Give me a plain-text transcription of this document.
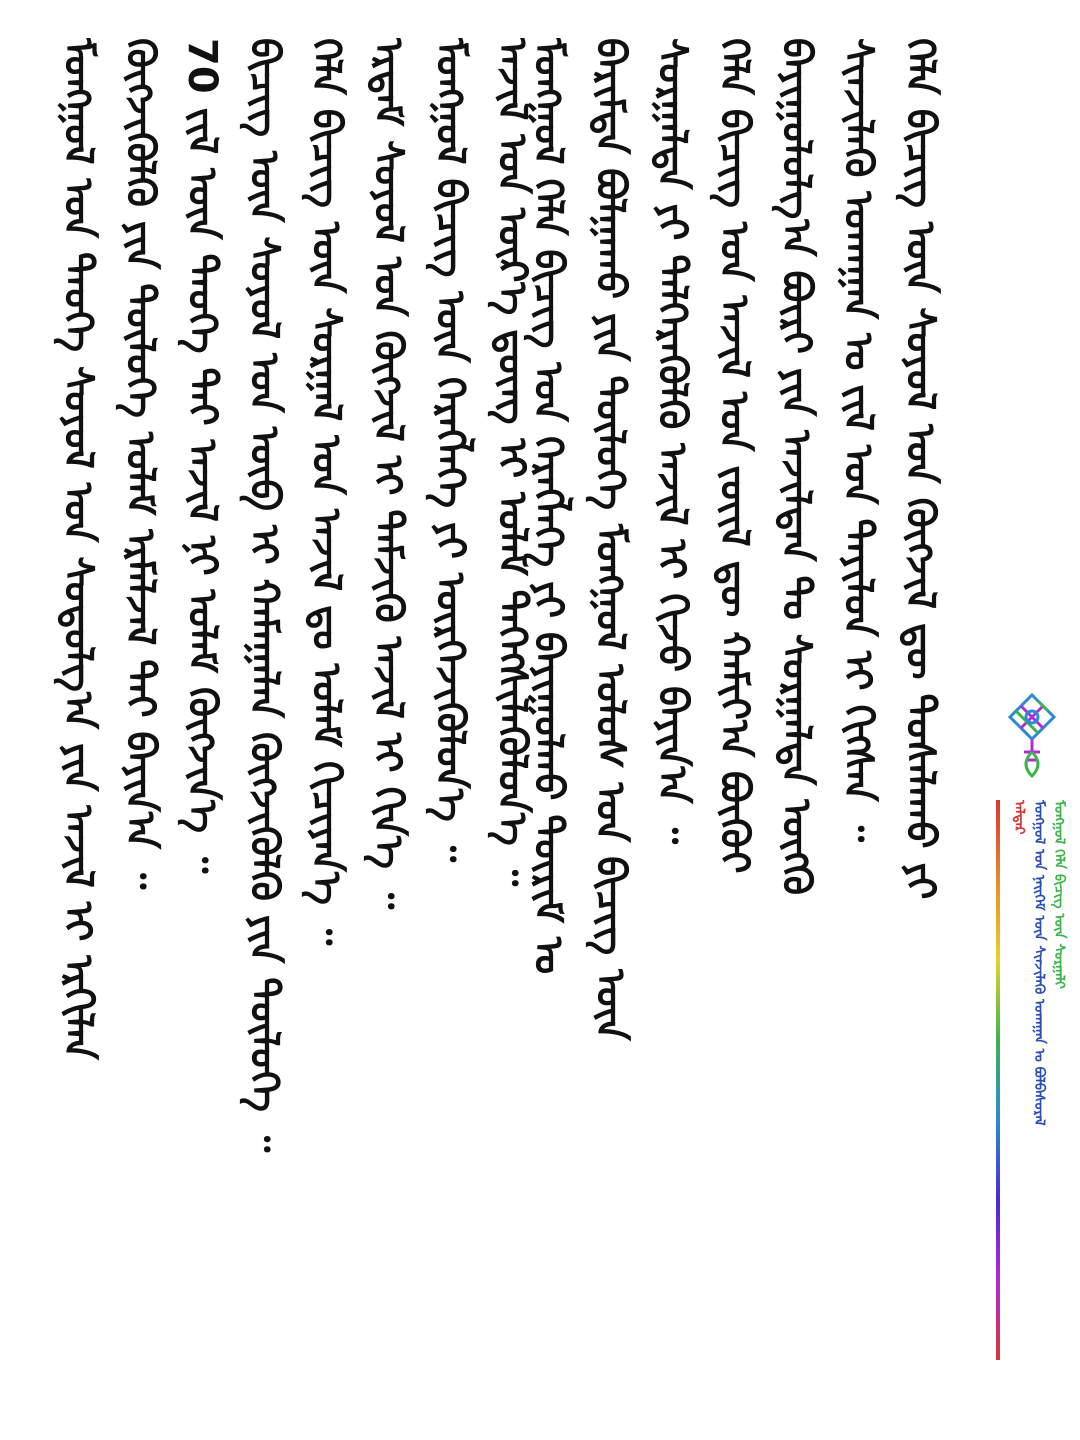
ᠮᠣᠩᠭᠣᠯ ᠤᠨ ᠲᠡᠦᠬᠡ ᠰᠣᠶᠣᠯ ᠤᠨ ᠰᠤᠳᠤᠯᠭ᠎ᠠ ᠶᠢᠨ ᠠᠵᠢᠯ ᠢ ᠡᠷᠬᠢᠯᠡᠨ ᠬᠥᠭᠵᠢᠭᠦᠯᠬᠦ ᠶᠢᠨ ᠲᠥᠯᠦᠭᠡ ᠤᠯᠠᠮ ᠡᠷᠮᠡᠯᠵᠡᠯ ᠲᠡᠢ ᠪᠠᠶᠢᠨ᠎ᠠ ᠃ 70 ᠵᠢᠯ ᠦᠨ ᠲᠡᠦᠬᠡ ᠲᠡᠢ ᠠᠵᠢᠯ ᠨᠢ ᠤᠯᠠᠮ ᠬᠥᠭᠵᠢᠨ᠎ᠡ ᠃ ᠪᠢᠴᠢᠭ ᠦᠨ ᠰᠣᠶᠣᠯ ᠤᠨ ᠥᠪ ᠢ ᠬᠠᠮᠠᠭᠠᠯᠠᠨ ᠬᠥᠭᠵᠢᠭᠦᠯᠬᠦ ᠶᠢᠨ ᠲᠥᠯᠦᠭᠡ ᠃ ᠬᠡᠯᠡ ᠪᠢᠴᠢᠭ ᠦᠨ ᠰᠤᠷᠭᠠᠯ ᠤᠨ ᠠᠵᠢᠯ ᠳᠤ ᠤᠯᠠᠮ ᠬᠢᠴᠢᠶᠡᠨ᠎ᠡ ᠃ ᠡᠷᠳᠡᠮ ᠰᠣᠶᠣᠯ ᠤᠨ ᠬᠥᠭᠵᠢᠯ ᠢ ᠳᠡᠮᠵᠢᠬᠦ ᠠᠵᠢᠯ ᠢ ᠬᠢᠨ᠎ᠡ ᠃ ᠮᠣᠩᠭᠣᠯ ᠪᠢᠴᠢᠭ ᠦᠨ ᠬᠡᠷᠡᠭᠯᠡᠭᠡ ᠶᠢ ᠥᠷᠭᠡᠵᠢᠭᠦᠯᠦᠨ᠎ᠡ ᠃ ᠠᠵᠢᠯ ᠤᠨ ᠦᠷ᠎ᠡ ᠳ᠋ᠦᠩ ᠢ ᠤᠯᠠᠮ ᠳᠡᠭᠡᠭᠰᠢᠯᠡᠭᠦᠯᠦᠨ᠎ᠡ ᠃
ᠮᠣᠩᠭᠣᠯ ᠬᠡᠯᠡ ᠪᠢᠴᠢᠭ ᠤᠨ ᠬᠡᠷᠡᠭᠯᠡᠭᠡ ᠶᠢ ᠪᠠᠶᠢᠭᠤᠯᠬᠤ ᠳᠦᠷᠢᠮ ᠤ ᠪᠠᠷᠢᠮᠲᠠ ᠪᠣᠯᠭᠠᠬᠤ ᠶᠢᠨ ᠲᠥᠯᠦᠭᠡ ᠮᠣᠩᠭᠣᠯ ᠤᠯᠤᠰ ᠤᠨ ᠪᠢᠴᠢᠭ ᠦᠨ ᠰᠤᠷᠭᠠᠯᠲᠠ ᠶᠢ ᠳᠡᠯᠭᠡᠷᠡᠭᠦᠯᠬᠦ ᠠᠵᠢᠯ ᠢ ᠬᠢᠵᠦ ᠪᠠᠶᠢᠨ᠎ᠠ ᠃ ᠬᠡᠯᠡ ᠪᠢᠴᠢᠭ ᠤᠨ ᠠᠵᠢᠯ ᠤᠨ ᠵᠦᠢᠯ ᠳᠦ ᠬᠠᠮᠢᠶ᠎ᠠ ᠪᠦᠬᠦᠢ ᠪᠠᠶᠢᠭᠤᠯᠤᠯᠭ᠎ᠠ ᠪᠦᠷᠢ ᠶᠢᠨ ᠠᠵᠢᠯᠲᠠᠨ ᠲᠤ ᠰᠤᠷᠭᠠᠯᠲᠠ ᠥᠭᠭᠦ ᠰᠢᠨᠵᠢᠯᠡᠬᠦ ᠤᠬᠠᠭᠠᠨ ᠤ ᠵᠢᠯ ᠤᠨ ᠲᠠᠶᠢᠯᠤᠨ ᠢ ᠬᠢᠭᠰᠡᠨ ᠃ ᠬᠡᠯᠡ ᠪᠢᠴᠢᠭ ᠦᠨ ᠰᠣᠶᠣᠯ ᠤᠨ ᠬᠥᠭᠵᠢᠯ ᠳᠦ ᠲᠤᠰᠠᠯᠠᠬᠤ ᠶᠢ	ᠠᠯᠳᠠᠷ ᠮᠣᠩᠭᠣᠯ ᠤᠨ ᠨᠡᠢᠭᠡᠮ ᠦᠨ ᠰᠢᠨᠵᠢᠯᠡᠬᠦ ᠤᠬᠠᠭᠠᠨ ᠤ ᠪᠣᠯᠪᠠᠰᠤᠷᠠᠯ ᠮᠣᠩᠭᠣᠯ ᠬᠡᠯᠡ ᠪᠢᠴᠢᠭ ᠦᠨ ᠰᠤᠷᠭᠠᠯᠢ
